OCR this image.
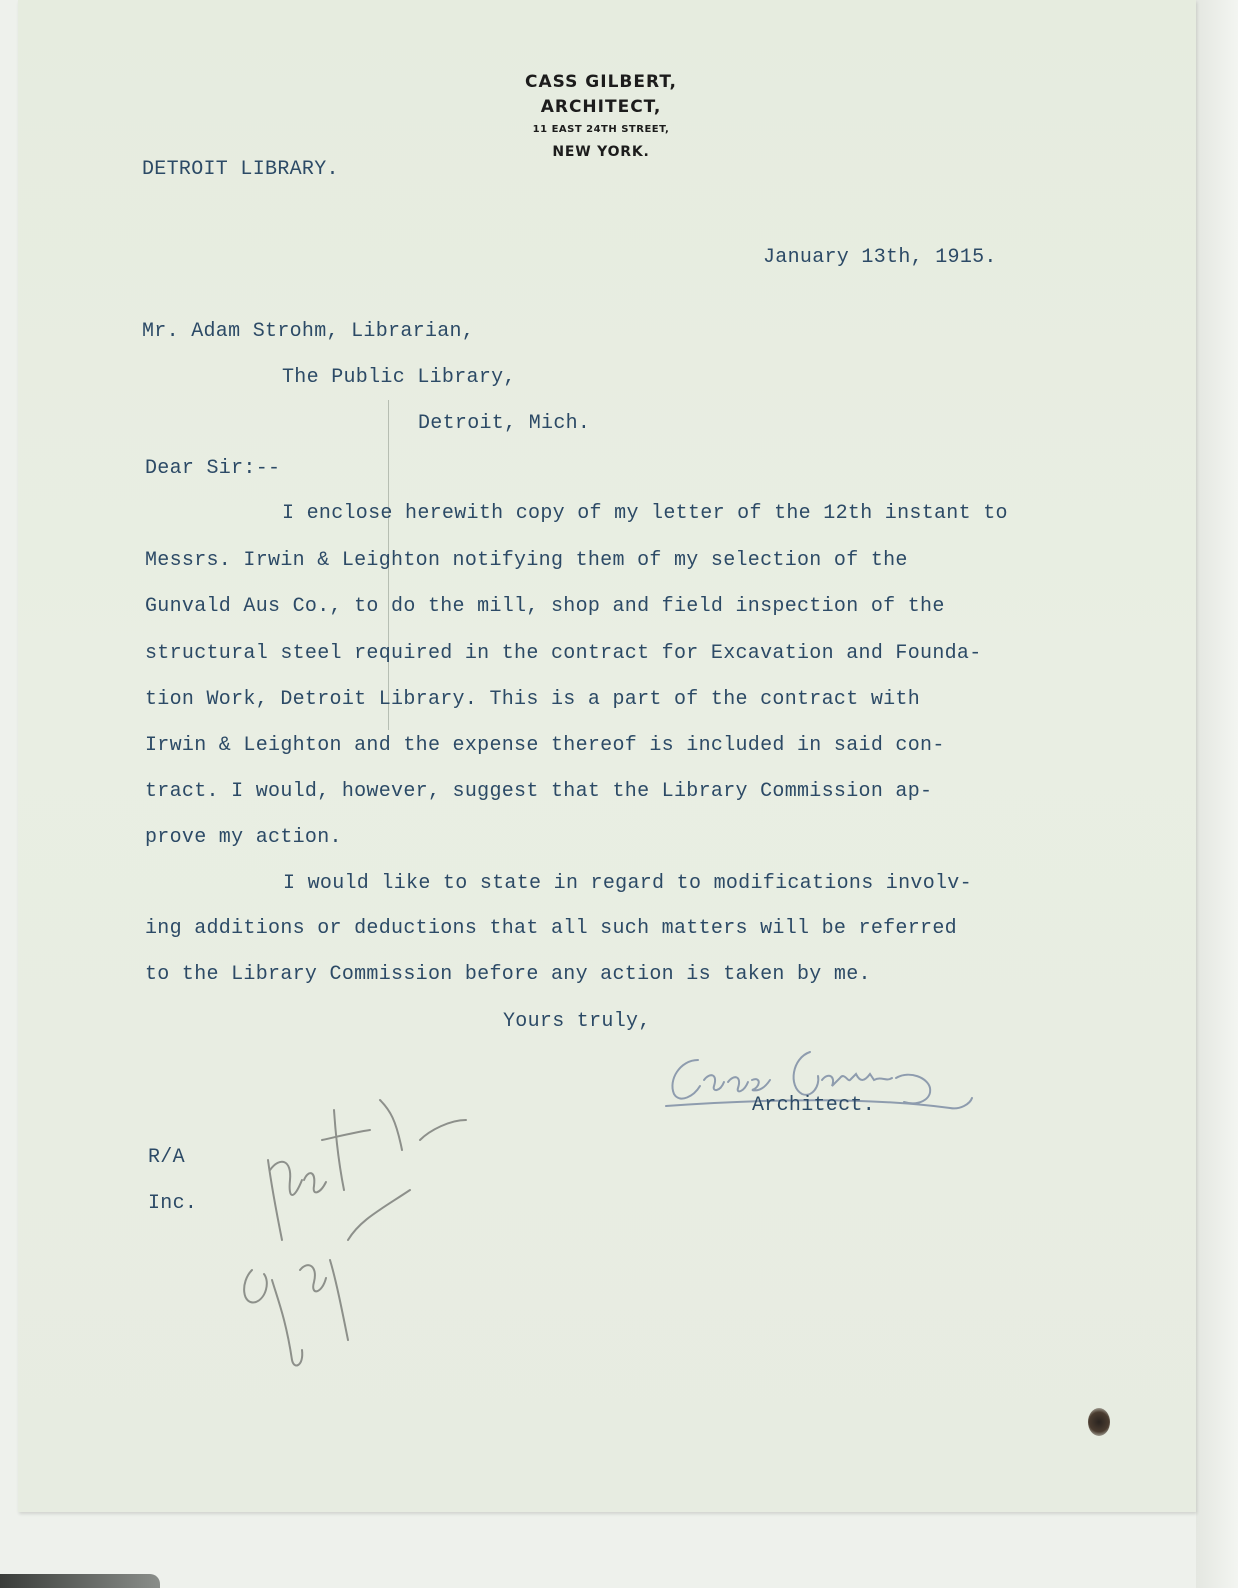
CASS GILBERT,
ARCHITECT,
11 EAST 24TH STREET,
NEW YORK.
DETROIT LIBRARY.
January 13th, 1915.
Mr. Adam Strohm, Librarian,
The Public Library,
Detroit, Mich.
Dear Sir:--
I enclose herewith copy of my letter of the 12th instant to
Messrs. Irwin & Leighton notifying them of my selection of the
Gunvald Aus Co., to do the mill, shop and field inspection of the
structural steel required in the contract for Excavation and Founda-
tion Work, Detroit Library. This is a part of the contract with
Irwin & Leighton and the expense thereof is included in said con-
tract. I would, however, suggest that the Library Commission ap-
prove my action.
I would like to state in regard to modifications involv-
ing additions or deductions that all such matters will be referred
to the Library Commission before any action is taken by me.
Yours truly,
Architect.
R/A
Inc.
